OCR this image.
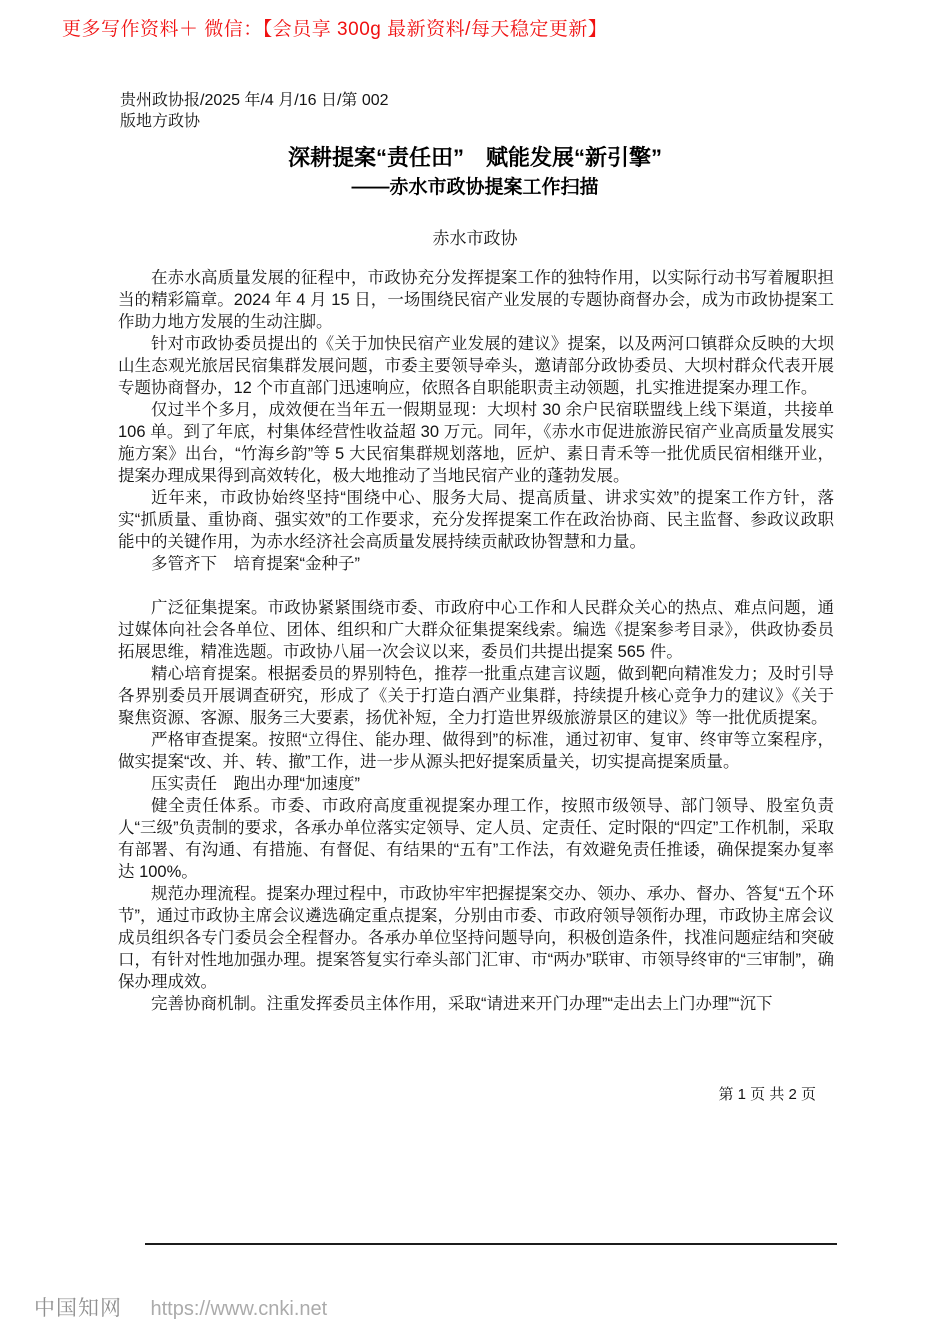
更多写作资料＋ 微信：【会员享 300g 最新资料/每天稳定更新】
贵州政协报/2025 年/4 月/16 日/第 002
版地方政协
深耕提案“责任田”　赋能发展“新引擎”
——赤水市政协提案工作扫描
赤水市政协

在赤水高质量发展的征程中，市政协充分发挥提案工作的独特作用，以实际行动书写着履职担当的精彩篇章。2024 年 4 月 15 日，一场围绕民宿产业发展的专题协商督办会，成为市政协提案工作助力地方发展的生动注脚。

针对市政协委员提出的《关于加快民宿产业发展的建议》提案，以及两河口镇群众反映的大坝山生态观光旅居民宿集群发展问题，市委主要领导牵头，邀请部分政协委员、大坝村群众代表开展专题协商督办，12 个市直部门迅速响应，依照各自职能职责主动领题，扎实推进提案办理工作。

仅过半个多月，成效便在当年五一假期显现：大坝村 30 余户民宿联盟线上线下渠道，共接单 106 单。到了年底，村集体经营性收益超 30 万元。同年，《赤水市促进旅游民宿产业高质量发展实施方案》出台，“竹海乡韵”等 5 大民宿集群规划落地，匠炉、素日青禾等一批优质民宿相继开业，提案办理成果得到高效转化，极大地推动了当地民宿产业的蓬勃发展。

近年来，市政协始终坚持“围绕中心、服务大局、提高质量、讲求实效”的提案工作方针，落实“抓质量、重协商、强实效”的工作要求，充分发挥提案工作在政治协商、民主监督、参政议政职能中的关键作用，为赤水经济社会高质量发展持续贡献政协智慧和力量。

多管齐下　培育提案“金种子”

广泛征集提案。市政协紧紧围绕市委、市政府中心工作和人民群众关心的热点、难点问题，通过媒体向社会各单位、团体、组织和广大群众征集提案线索。编选《提案参考目录》，供政协委员拓展思维，精准选题。市政协八届一次会议以来，委员们共提出提案 565 件。

精心培育提案。根据委员的界别特色，推荐一批重点建言议题，做到靶向精准发力；及时引导各界别委员开展调查研究，形成了《关于打造白酒产业集群，持续提升核心竞争力的建议》《关于聚焦资源、客源、服务三大要素，扬优补短，全力打造世界级旅游景区的建议》等一批优质提案。

严格审查提案。按照“立得住、能办理、做得到”的标准，通过初审、复审、终审等立案程序，做实提案“改、并、转、撤”工作，进一步从源头把好提案质量关，切实提高提案质量。

压实责任　跑出办理“加速度”

健全责任体系。市委、市政府高度重视提案办理工作，按照市级领导、部门领导、股室负责人“三级”负责制的要求，各承办单位落实定领导、定人员、定责任、定时限的“四定”工作机制，采取有部署、有沟通、有措施、有督促、有结果的“五有”工作法，有效避免责任推诿，确保提案办复率达 100%。

规范办理流程。提案办理过程中，市政协牢牢把握提案交办、领办、承办、督办、答复“五个环节”，通过市政协主席会议遴选确定重点提案，分别由市委、市政府领导领衔办理，市政协主席会议成员组织各专门委员会全程督办。各承办单位坚持问题导向，积极创造条件，找准问题症结和突破口，有针对性地加强办理。提案答复实行牵头部门汇审、市“两办”联审、市领导终审的“三审制”，确保办理成效。

完善协商机制。注重发挥委员主体作用，采取“请进来开门办理”“走出去上门办理”“沉下

第 1 页 共 2 页
中国知网 https://www.cnki.net
